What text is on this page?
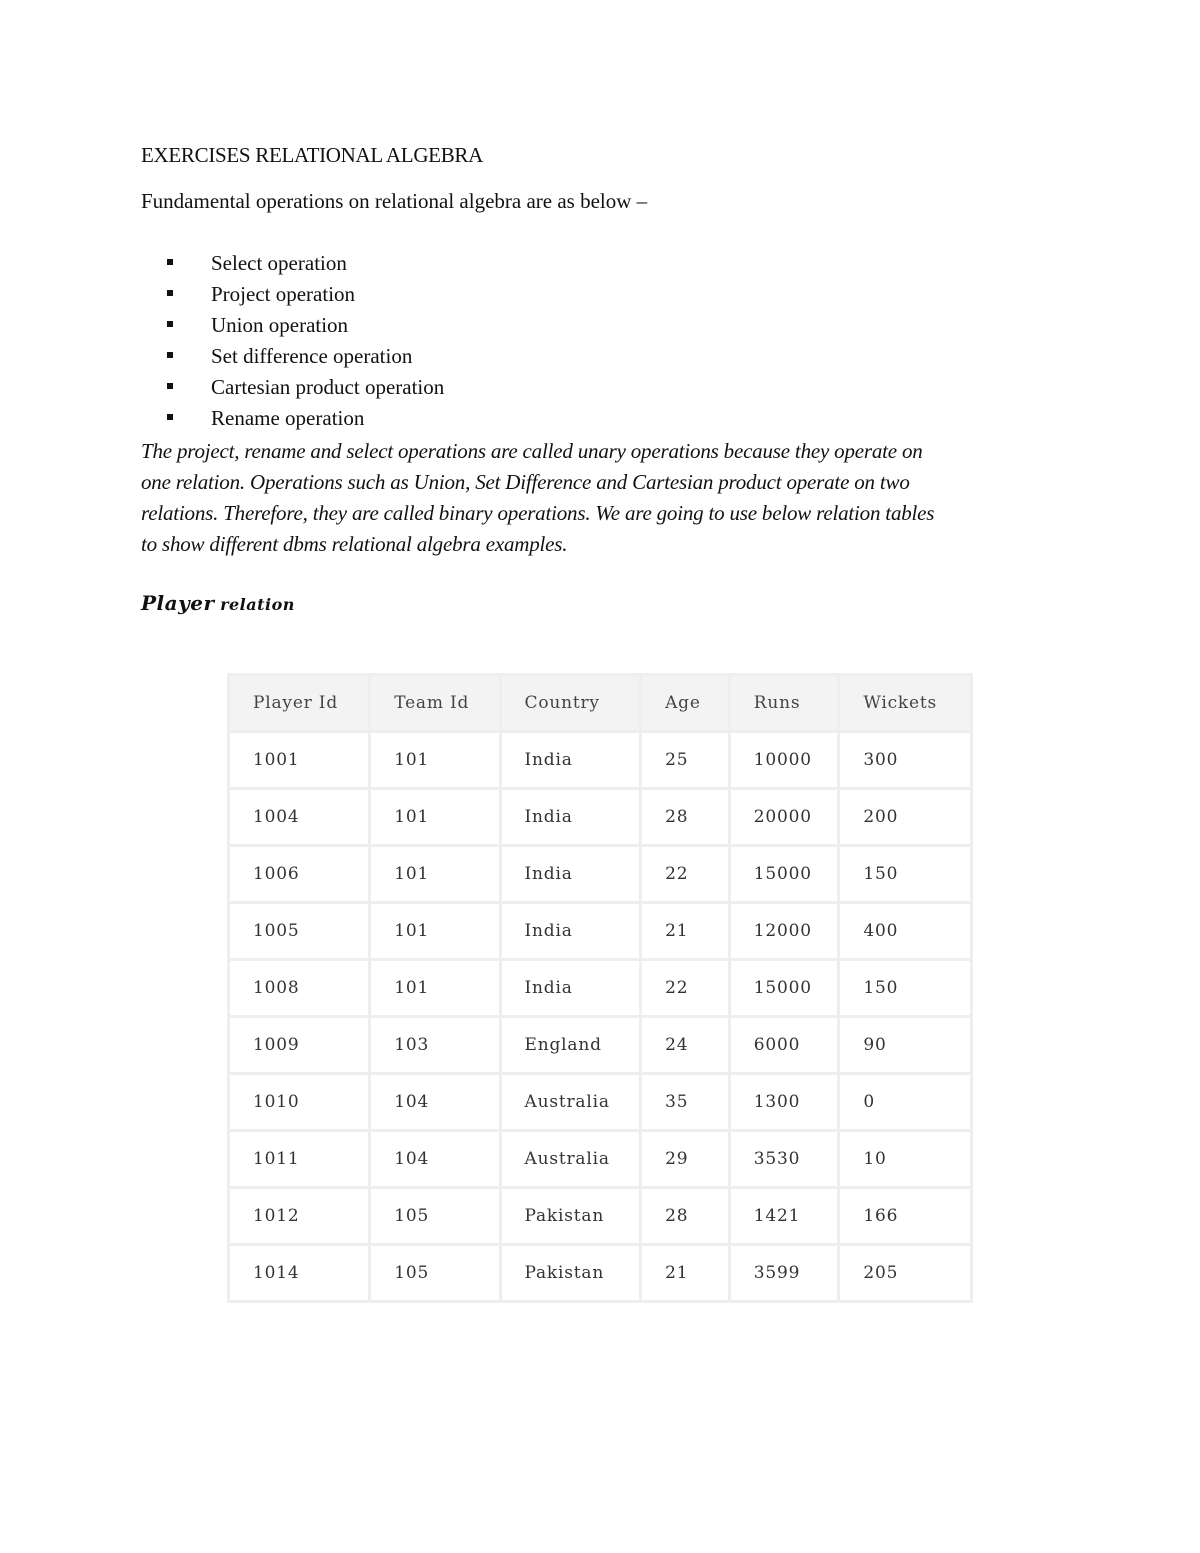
EXERCISES RELATIONAL ALGEBRA
Fundamental operations on relational algebra are as below –
Select operation
Project operation
Union operation
Set difference operation
Cartesian product operation
Rename operation

The project, rename and select operations are called unary operations because they operate on
one relation. Operations such as Union, Set Difference and Cartesian product operate on two
relations. Therefore, they are called binary operations. We are going to use below relation tables
to show different dbms relational algebra examples.

Player relation
Player Id	Team Id	Country	Age	Runs	Wickets
1001	101	India	25	10000	300
1004	101	India	28	20000	200
1006	101	India	22	15000	150
1005	101	India	21	12000	400
1008	101	India	22	15000	150
1009	103	England	24	6000	90
1010	104	Australia	35	1300	0
1011	104	Australia	29	3530	10
1012	105	Pakistan	28	1421	166
1014	105	Pakistan	21	3599	205
